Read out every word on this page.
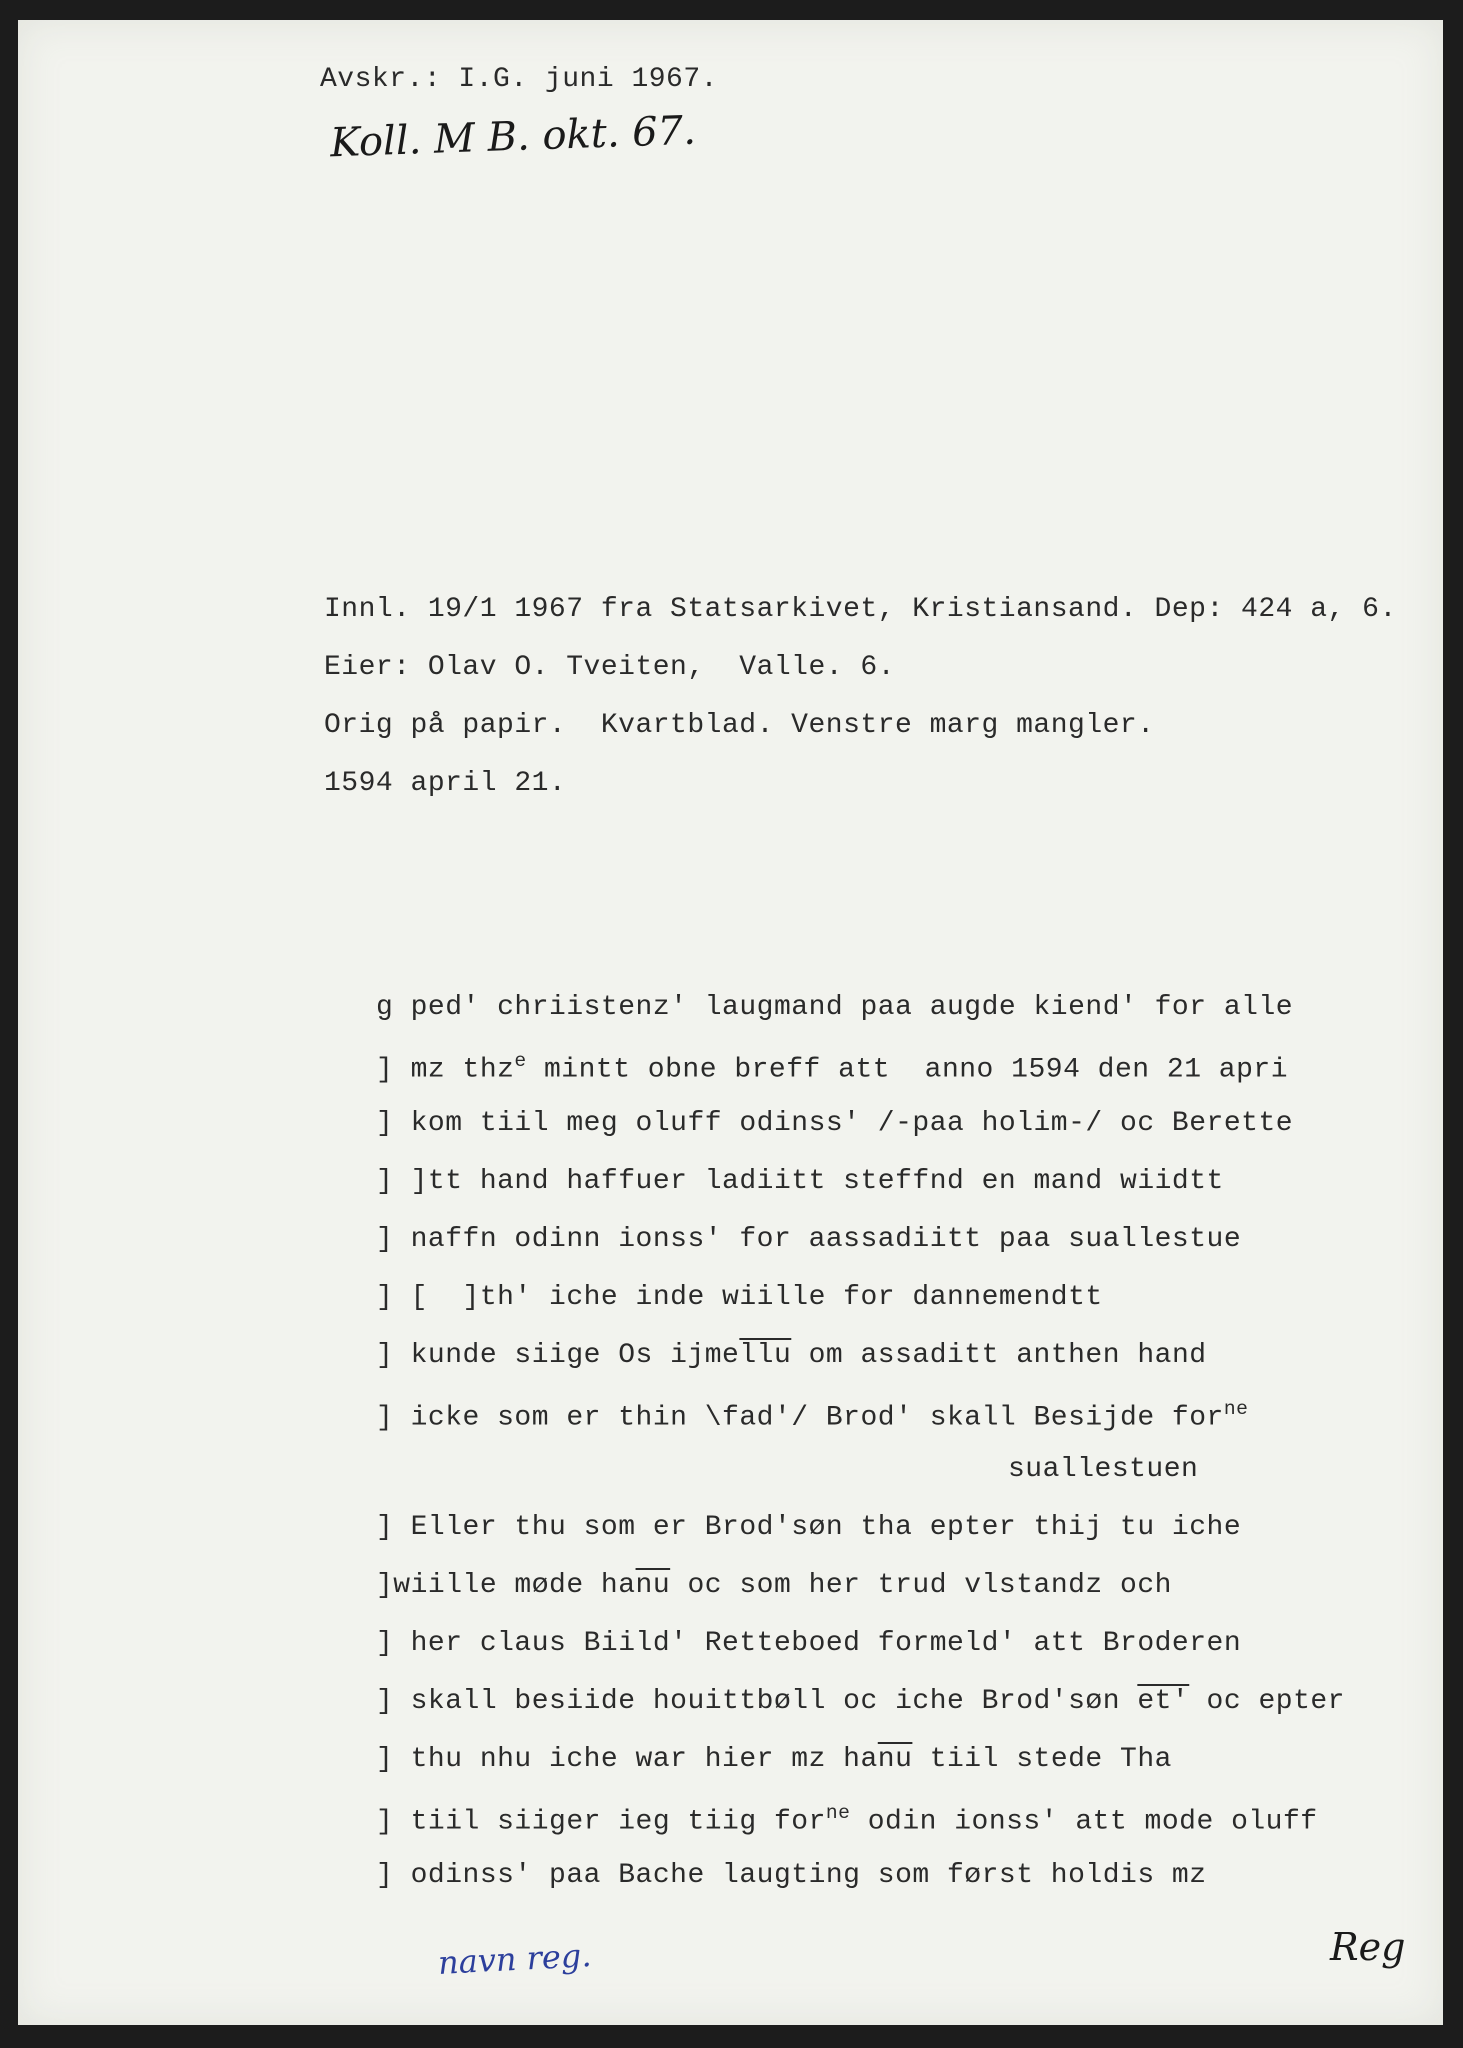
Avskr.: I.G. juni 1967.
Koll. M B. okt. 67.
Innl. 19/1 1967 fra Statsarkivet, Kristiansand. Dep: 424 a, 6.
Eier: Olav O. Tveiten,  Valle. 6.
Orig på papir.  Kvartblad. Venstre marg mangler.
1594 april 21.
g ped' chriistenz' laugmand paa augde kiend' for alle
] mz thz$^e$ mintt obne breff att  anno 1594 den 21 apri
] kom tiil meg oluff odinss' /-paa holim-/ oc Berette
] ]tt hand haffuer ladiitt steffnd en mand wiidtt
] naffn odinn ionss' for aassadiitt paa suallestue
] [  ]th' iche inde wiille for dannemendtt
] kunde siige Os $ijme\overline{llu}$ om assaditt anthen hand
] icke som er thin \fad'/ Brod' skall Besijde for$^{ne}$
suallestuen
] Eller thu som er Brod'søn tha epter thij tu iche
]wiille møde $ha\overline{nu}$ oc som her trud vlstandz och
] her claus Biild' Retteboed formeld' att Broderen
] skall besiide houittbøll oc iche Brod'søn et' oc epter
] thu nhu iche war hier mz $ha\overline{nu}$ tiil stede Tha
] tiil siiger ieg tiig for$^{ne}$ odin ionss' att mode oluff
] odinss' paa Bache laugting som først holdis mz
navn reg.	Reg
